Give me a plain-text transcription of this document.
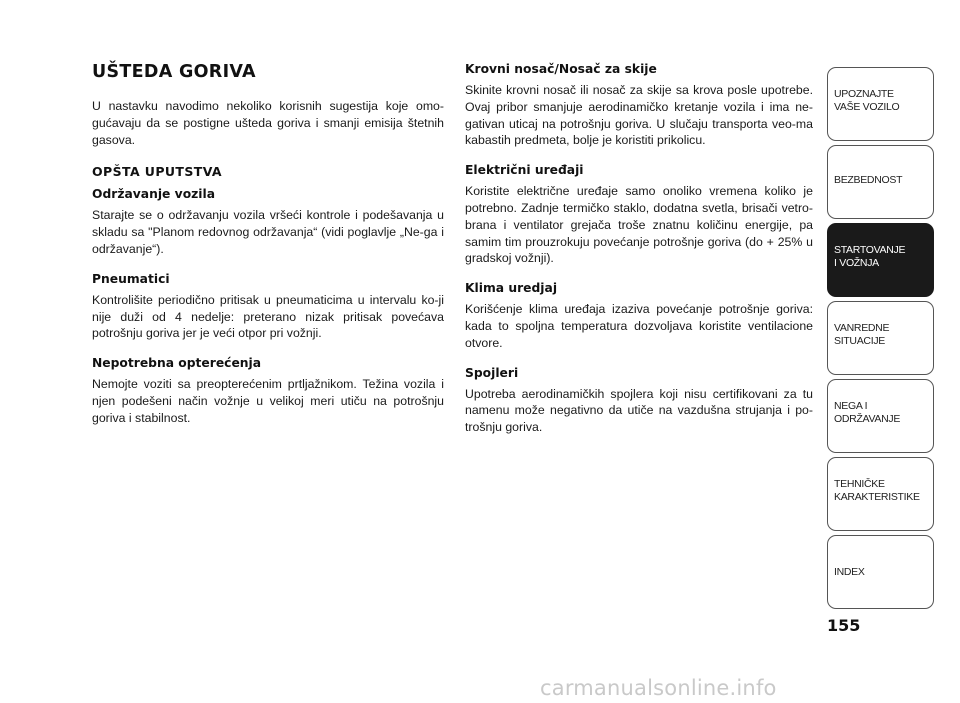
UŠTEDA GORIVA

U nastavku navodimo nekoliko korisnih sugestija koje omo-gućavaju da se postigne ušteda goriva i smanji emisija štetnih gasova.

OPŠTA UPUTSTVA
Održavanje vozila

Starajte se o održavanju vozila vršeći kontrole i podešavanja u skladu sa "Planom redovnog održavanja“ (vidi poglavlje „Ne-ga i održavanje“).

Pneumatici

Kontrolišite periodično pritisak u pneumaticima u intervalu ko-ji nije duži od 4 nedelje: preterano nizak pritisak povećava potrošnju goriva jer je veći otpor pri vožnji.

Nepotrebna opterećenja

Nemojte voziti sa preopterećenim prtljažnikom. Težina vozila i njen podešeni način vožnje u velikoj meri utiču na potrošnju goriva i stabilnost.

Krovni nosač/Nosač za skije

Skinite krovni nosač ili nosač za skije sa krova posle upotrebe. Ovaj pribor smanjuje aerodinamičko kretanje vozila i ima ne-gativan uticaj na potrošnju goriva. U slučaju transporta veo-ma kabastih predmeta, bolje je koristiti prikolicu.

Električni uređaji

Koristite električne uređaje samo onoliko vremena koliko je potrebno. Zadnje termičko staklo, dodatna svetla, brisači vetro-brana i ventilator grejača troše znatnu količinu energije, pa samim tim prouzrokuju povećanje potrošnje goriva (do + 25% u gradskoj vožnji).

Klima uredjaj

Korišćenje klima uređaja izaziva povećanje potrošnje goriva: kada to spoljna temperatura dozvoljava koristite ventilacione otvore.

Spojleri

Upotreba aerodinamičkih spojlera koji nisu certifikovani za tu namenu može negativno da utiče na vazdušna strujanja i po-trošnju goriva.

UPOZNAJTE
VAŠE VOZILO
BEZBEDNOST
STARTOVANJE
I VOŽNJA
VANREDNE
SITUACIJE
NEGA I
ODRŽAVANJE
TEHNIČKE
KARAKTERISTIKE
INDEX
155
carmanualsonline.info
